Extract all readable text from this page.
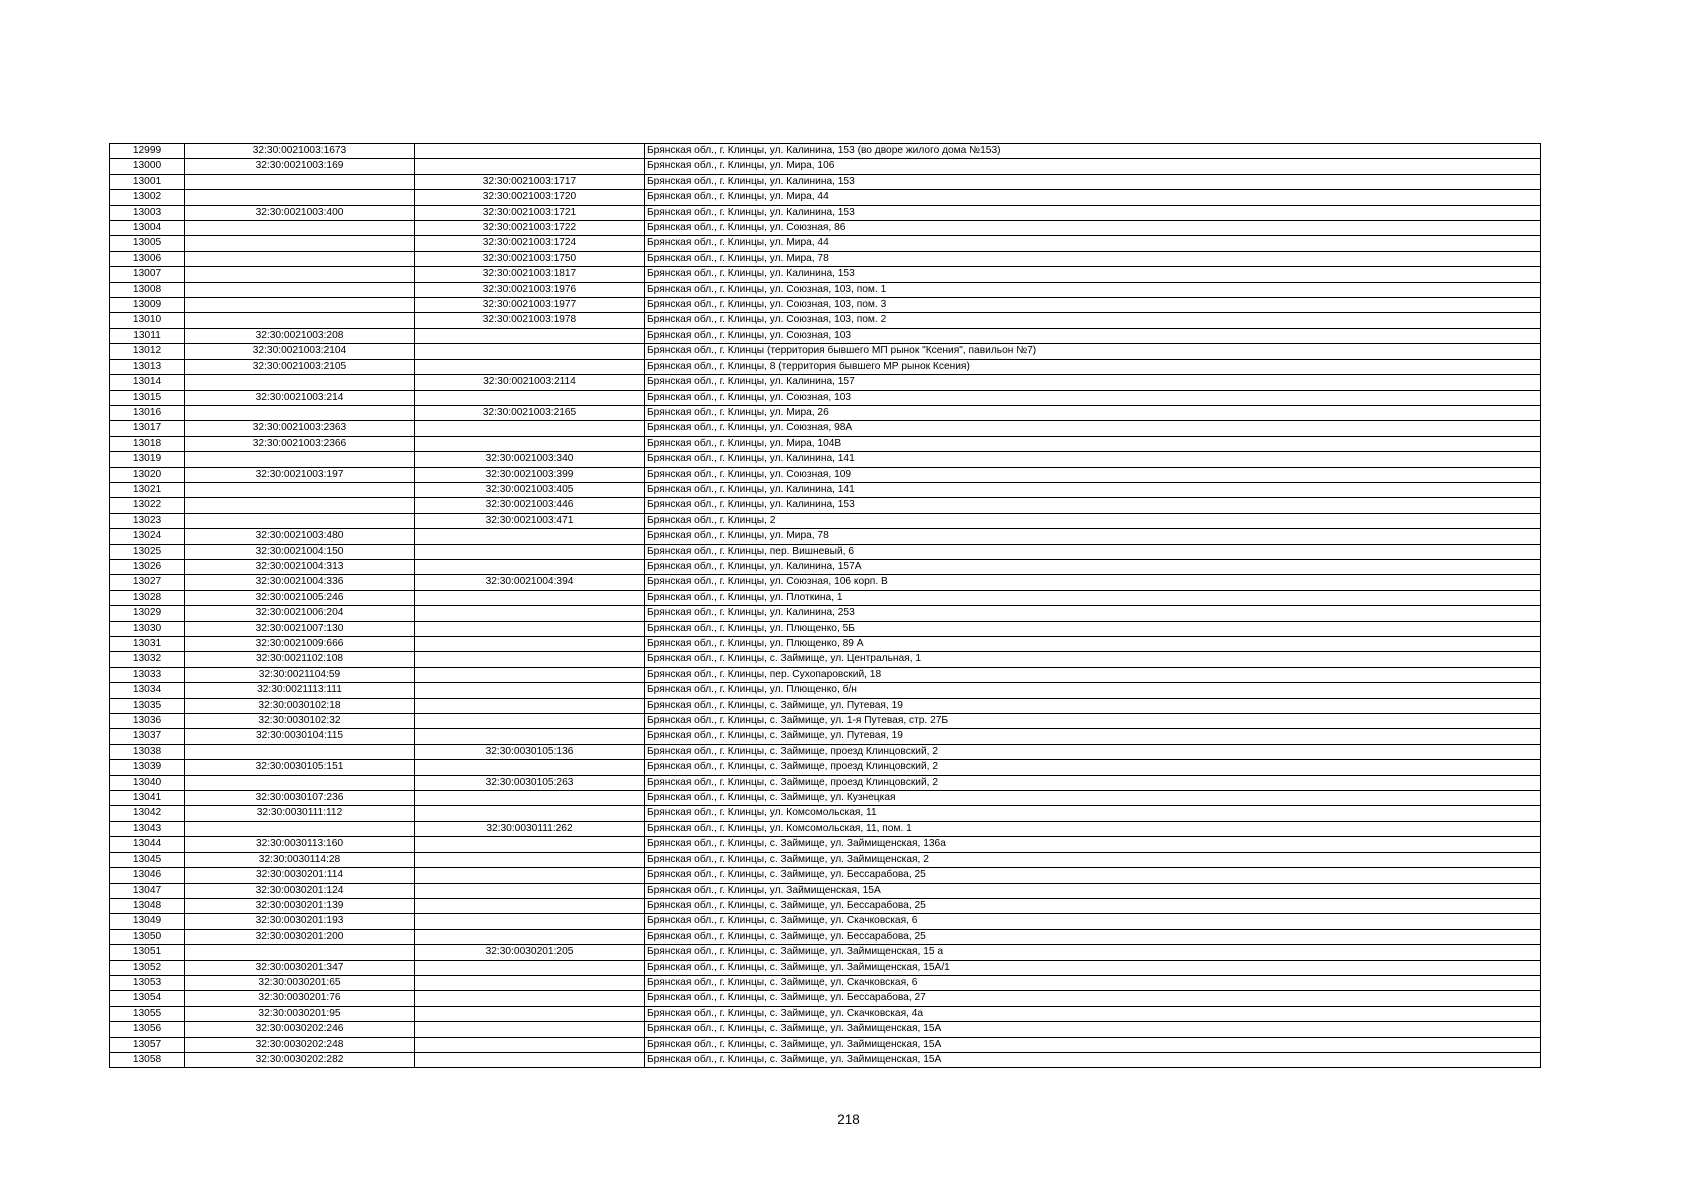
12999	32:30:0021003:1673		Брянская обл., г. Клинцы, ул. Калинина, 153 (во дворе жилого дома №153)
13000	32:30:0021003:169		Брянская обл., г. Клинцы, ул. Мира, 106
13001		32:30:0021003:1717	Брянская обл., г. Клинцы, ул. Калинина, 153
13002		32:30:0021003:1720	Брянская обл., г. Клинцы, ул. Мира, 44
13003	32:30:0021003:400	32:30:0021003:1721	Брянская обл., г. Клинцы, ул. Калинина, 153
13004		32:30:0021003:1722	Брянская обл., г. Клинцы, ул. Союзная, 86
13005		32:30:0021003:1724	Брянская обл., г. Клинцы, ул. Мира, 44
13006		32:30:0021003:1750	Брянская обл., г. Клинцы, ул. Мира, 78
13007		32:30:0021003:1817	Брянская обл., г. Клинцы, ул. Калинина, 153
13008		32:30:0021003:1976	Брянская обл., г. Клинцы, ул. Союзная, 103, пом. 1
13009		32:30:0021003:1977	Брянская обл., г. Клинцы, ул. Союзная, 103, пом. 3
13010		32:30:0021003:1978	Брянская обл., г. Клинцы, ул. Союзная, 103, пом. 2
13011	32:30:0021003:208		Брянская обл., г. Клинцы, ул. Союзная, 103
13012	32:30:0021003:2104		Брянская обл., г. Клинцы (территория бывшего МП рынок "Ксения", павильон №7)
13013	32:30:0021003:2105		Брянская обл., г. Клинцы, 8 (территория бывшего МР рынок Ксения)
13014		32:30:0021003:2114	Брянская обл., г. Клинцы, ул. Калинина, 157
13015	32:30:0021003:214		Брянская обл., г. Клинцы, ул. Союзная, 103
13016		32:30:0021003:2165	Брянская обл., г. Клинцы, ул. Мира, 26
13017	32:30:0021003:2363		Брянская обл., г. Клинцы, ул. Союзная, 98А
13018	32:30:0021003:2366		Брянская обл., г. Клинцы, ул. Мира, 104В
13019		32:30:0021003:340	Брянская обл., г. Клинцы, ул. Калинина, 141
13020	32:30:0021003:197	32:30:0021003:399	Брянская обл., г. Клинцы, ул. Союзная, 109
13021		32:30:0021003:405	Брянская обл., г. Клинцы, ул. Калинина, 141
13022		32:30:0021003:446	Брянская обл., г. Клинцы, ул. Калинина, 153
13023		32:30:0021003:471	Брянская обл., г. Клинцы, 2
13024	32:30:0021003:480		Брянская обл., г. Клинцы, ул. Мира, 78
13025	32:30:0021004:150		Брянская обл., г. Клинцы, пер. Вишневый, 6
13026	32:30:0021004:313		Брянская обл., г. Клинцы, ул. Калинина, 157А
13027	32:30:0021004:336	32:30:0021004:394	Брянская обл., г. Клинцы, ул. Союзная, 106 корп. В
13028	32:30:0021005:246		Брянская обл., г. Клинцы, ул. Плоткина, 1
13029	32:30:0021006:204		Брянская обл., г. Клинцы, ул. Калинина, 253
13030	32:30:0021007:130		Брянская обл., г. Клинцы, ул. Плющенко, 5Б
13031	32:30:0021009:666		Брянская обл., г. Клинцы, ул. Плющенко, 89 А
13032	32:30:0021102:108		Брянская обл., г. Клинцы, с. Займище, ул. Центральная, 1
13033	32:30:0021104:59		Брянская обл., г. Клинцы, пер. Сухопаровский, 18
13034	32:30:0021113:111		Брянская обл., г. Клинцы, ул. Плющенко, б/н
13035	32:30:0030102:18		Брянская обл., г. Клинцы, с. Займище, ул. Путевая, 19
13036	32:30:0030102:32		Брянская обл., г. Клинцы, с. Займище, ул. 1-я Путевая, стр. 27Б
13037	32:30:0030104:115		Брянская обл., г. Клинцы, с. Займище, ул. Путевая, 19
13038		32:30:0030105:136	Брянская обл., г. Клинцы, с. Займище, проезд Клинцовский, 2
13039	32:30:0030105:151		Брянская обл., г. Клинцы, с. Займище, проезд Клинцовский, 2
13040		32:30:0030105:263	Брянская обл., г. Клинцы, с. Займище, проезд Клинцовский, 2
13041	32:30:0030107:236		Брянская обл., г. Клинцы, с. Займище, ул. Кузнецкая
13042	32:30:0030111:112		Брянская обл., г. Клинцы, ул. Комсомольская, 11
13043		32:30:0030111:262	Брянская обл., г. Клинцы, ул. Комсомольская, 11, пом. 1
13044	32:30:0030113:160		Брянская обл., г. Клинцы, с. Займище, ул. Займищенская, 136а
13045	32:30:0030114:28		Брянская обл., г. Клинцы, с. Займище, ул. Займищенская, 2
13046	32:30:0030201:114		Брянская обл., г. Клинцы, с. Займище, ул. Бессарабова, 25
13047	32:30:0030201:124		Брянская обл., г. Клинцы, ул. Займищенская, 15А
13048	32:30:0030201:139		Брянская обл., г. Клинцы, с. Займище, ул. Бессарабова, 25
13049	32:30:0030201:193		Брянская обл., г. Клинцы, с. Займище, ул. Скачковская, 6
13050	32:30:0030201:200		Брянская обл., г. Клинцы, с. Займище, ул. Бессарабова, 25
13051		32:30:0030201:205	Брянская обл., г. Клинцы, с. Займище, ул. Займищенская, 15 а
13052	32:30:0030201:347		Брянская обл., г. Клинцы, с. Займище, ул. Займищенская, 15А/1
13053	32:30:0030201:65		Брянская обл., г. Клинцы, с. Займище, ул. Скачковская, 6
13054	32:30:0030201:76		Брянская обл., г. Клинцы, с. Займище, ул. Бессарабова, 27
13055	32:30:0030201:95		Брянская обл., г. Клинцы, с. Займище, ул. Скачковская, 4а
13056	32:30:0030202:246		Брянская обл., г. Клинцы, с. Займище, ул. Займищенская, 15А
13057	32:30:0030202:248		Брянская обл., г. Клинцы, с. Займище, ул. Займищенская, 15А
13058	32:30:0030202:282		Брянская обл., г. Клинцы, с. Займище, ул. Займищенская, 15А
218
